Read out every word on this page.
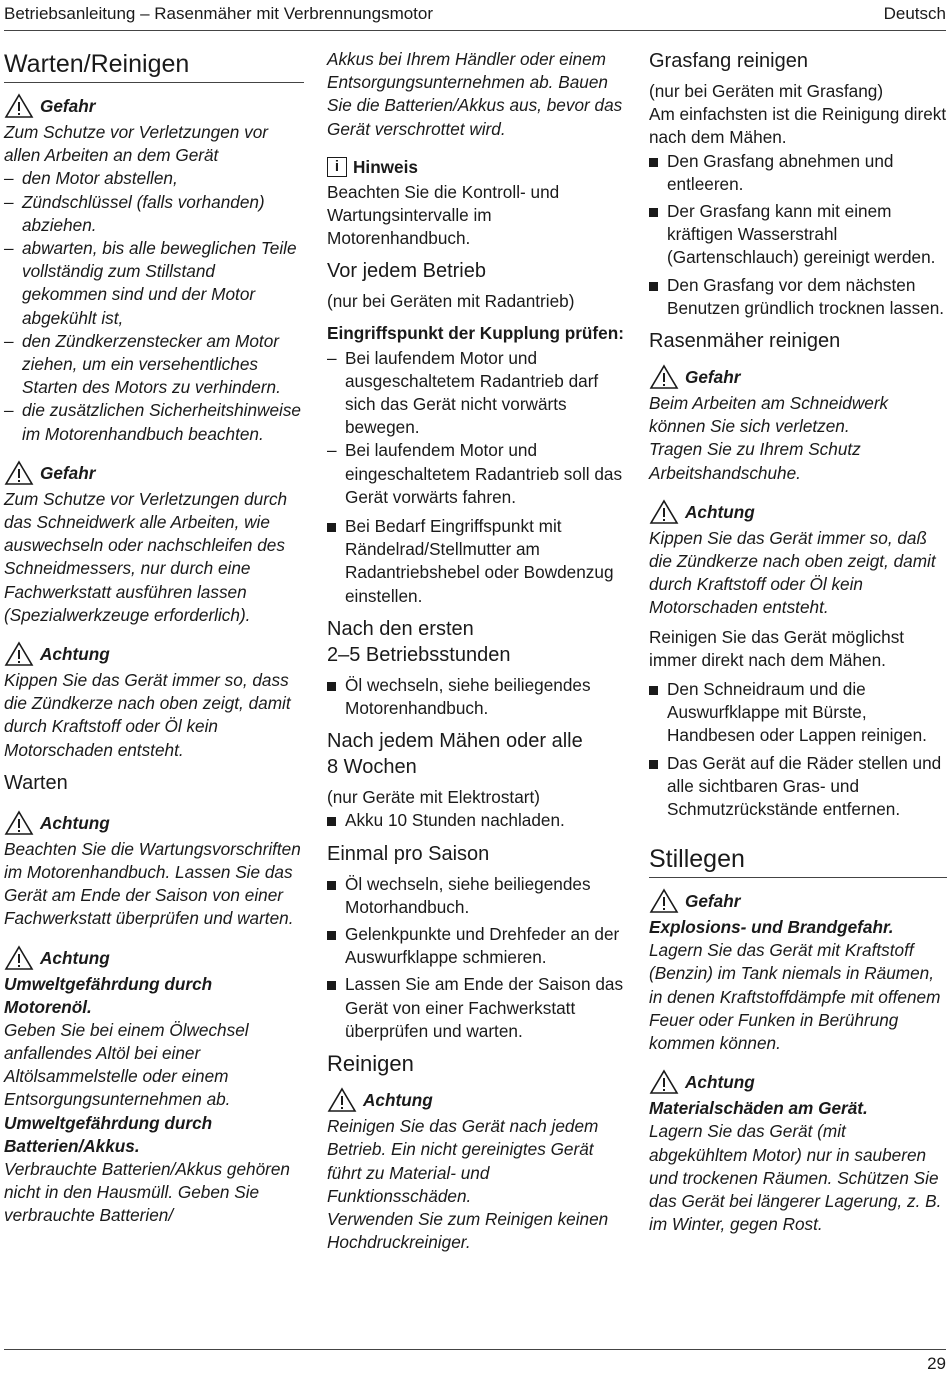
Betriebsanleitung – Rasenmäher mit Verbrennungsmotor	Deutsch
Warten/Reinigen
Gefahr

Zum Schutze vor Verletzungen vor allen Arbeiten an dem Gerät

– den Motor abstellen,
– Zündschlüssel (falls vorhanden) abziehen.
– abwarten, bis alle beweglichen Teile vollständig zum Stillstand gekommen sind und der Motor abgekühlt ist,
– den Zündkerzenstecker am Motor ziehen, um ein versehentliches Starten des Motors zu verhindern.
– die zusätzlichen Sicherheitshinweise im Motorenhandbuch beachten.
Gefahr

Zum Schutze vor Verletzungen durch das Schneidwerk alle Arbeiten, wie auswechseln oder nachschleifen des Schneidmessers, nur durch eine Fachwerkstatt ausführen lassen (Spezialwerkzeuge erforderlich).

Achtung

Kippen Sie das Gerät immer so, dass die Zündkerze nach oben zeigt, damit durch Kraftstoff oder Öl kein Motorschaden entsteht.

Warten
Achtung

Beachten Sie die Wartungsvorschriften im Motorenhandbuch. Lassen Sie das Gerät am Ende der Saison von einer Fachwerkstatt überprüfen und warten.

Achtung

Umweltgefährdung durch Motorenöl.

Geben Sie bei einem Ölwechsel anfallendes Altöl bei einer Altölsammelstelle oder einem Entsorgungsunternehmen ab.

Umweltgefährdung durch Batterien/Akkus.

Verbrauchte Batterien/Akkus gehören nicht in den Hausmüll. Geben Sie verbrauchte Batterien/

Akkus bei Ihrem Händler oder einem Entsorgungsunternehmen ab. Bauen Sie die Batterien/Akkus aus, bevor das Gerät verschrottet wird.

i Hinweis

Beachten Sie die Kontroll- und Wartungsintervalle im Motorenhandbuch.

Vor jedem Betrieb

(nur bei Geräten mit Radantrieb)

Eingriffspunkt der Kupplung prüfen:
– Bei laufendem Motor und ausgeschaltetem Radantrieb darf sich das Gerät nicht vorwärts bewegen.
– Bei laufendem Motor und eingeschaltetem Radantrieb soll das Gerät vorwärts fahren.
Bei Bedarf Eingriffspunkt mit Rändelrad/Stellmutter am Radantriebshebel oder Bowdenzug einstellen.
Nach den ersten
2–5 Betriebsstunden
Öl wechseln, siehe beiliegendes Motorenhandbuch.
Nach jedem Mähen oder alle
8 Wochen

(nur Geräte mit Elektrostart)

Akku 10 Stunden nachladen.
Einmal pro Saison
Öl wechseln, siehe beiliegendes Motorhandbuch.
Gelenkpunkte und Drehfeder an der Auswurfklappe schmieren.
Lassen Sie am Ende der Saison das Gerät von einer Fachwerkstatt überprüfen und warten.
Reinigen
Achtung

Reinigen Sie das Gerät nach jedem Betrieb. Ein nicht gereinigtes Gerät führt zu Material- und Funktionsschäden.

Verwenden Sie zum Reinigen keinen Hochdruckreiniger.

Grasfang reinigen

(nur bei Geräten mit Grasfang)

Am einfachsten ist die Reinigung direkt nach dem Mähen.

Den Grasfang abnehmen und entleeren.
Der Grasfang kann mit einem kräftigen Wasserstrahl (Gartenschlauch) gereinigt werden.
Den Grasfang vor dem nächsten Benutzen gründlich trocknen lassen.
Rasenmäher reinigen
Gefahr

Beim Arbeiten am Schneidwerk können Sie sich verletzen.

Tragen Sie zu Ihrem Schutz Arbeitshandschuhe.

Achtung

Kippen Sie das Gerät immer so, daß die Zündkerze nach oben zeigt, damit durch Kraftstoff oder Öl kein Motorschaden entsteht.

Reinigen Sie das Gerät möglichst immer direkt nach dem Mähen.

Den Schneidraum und die Auswurfklappe mit Bürste, Handbesen oder Lappen reinigen.
Das Gerät auf die Räder stellen und alle sichtbaren Gras- und Schmutzrückstände entfernen.
Stillegen
Gefahr

Explosions- und Brandgefahr.

Lagern Sie das Gerät mit Kraftstoff (Benzin) im Tank niemals in Räumen, in denen Kraftstoffdämpfe mit offenem Feuer oder Funken in Berührung kommen können.

Achtung

Materialschäden am Gerät.

Lagern Sie das Gerät (mit abgekühltem Motor) nur in sauberen und trockenen Räumen. Schützen Sie das Gerät bei längerer Lagerung, z. B. im Winter, gegen Rost.

29
